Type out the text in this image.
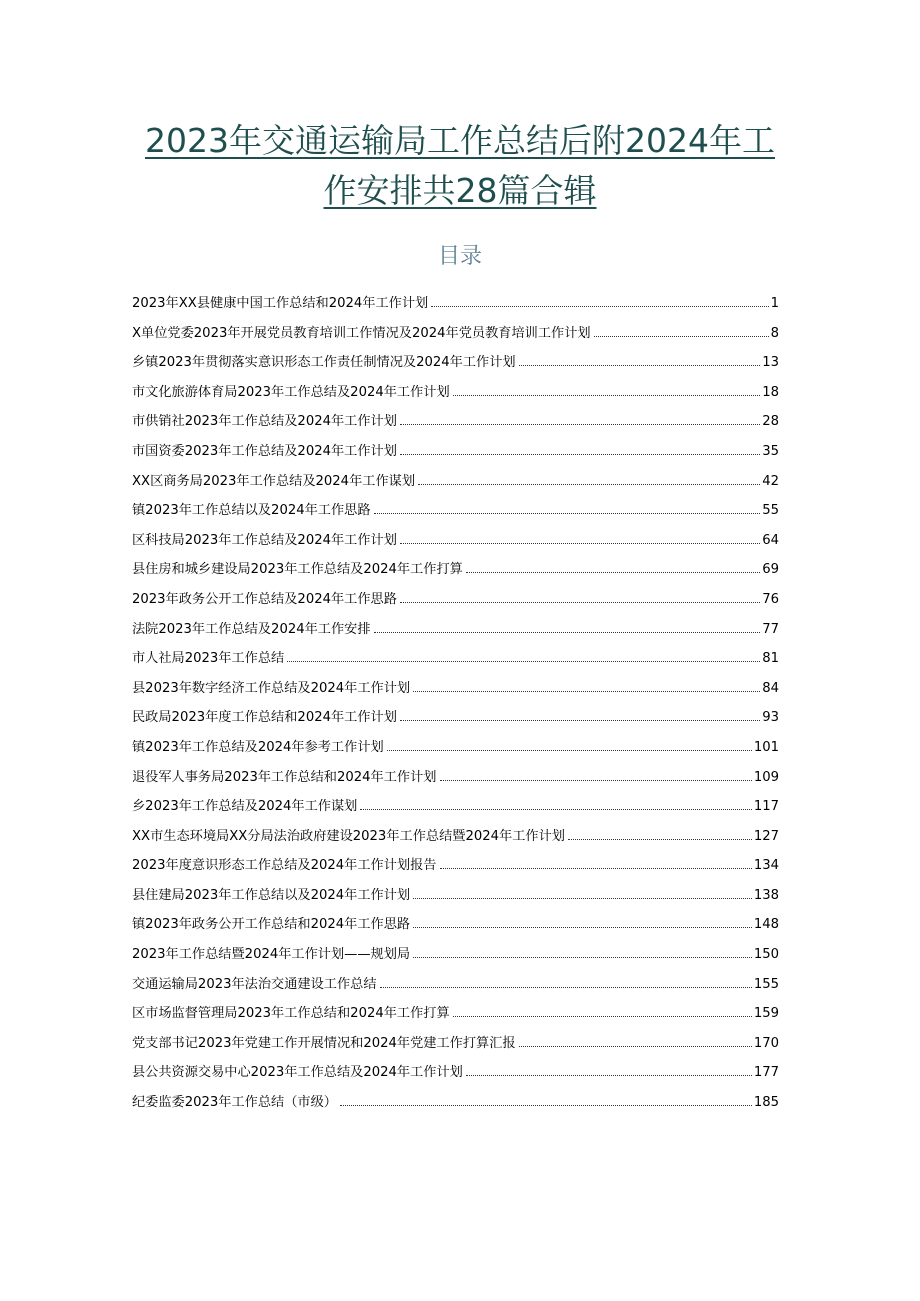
2023年交通运输局工作总结后附2024年工
作安排共28篇合辑
目录
2023年XX县健康中国工作总结和2024年工作计划	1
X单位党委2023年开展党员教育培训工作情况及2024年党员教育培训工作计划	8
乡镇2023年贯彻落实意识形态工作责任制情况及2024年工作计划	13
市文化旅游体育局2023年工作总结及2024年工作计划	18
市供销社2023年工作总结及2024年工作计划	28
市国资委2023年工作总结及2024年工作计划	35
XX区商务局2023年工作总结及2024年工作谋划	42
镇2023年工作总结以及2024年工作思路	55
区科技局2023年工作总结及2024年工作计划	64
县住房和城乡建设局2023年工作总结及2024年工作打算	69
2023年政务公开工作总结及2024年工作思路	76
法院2023年工作总结及2024年工作安排	77
市人社局2023年工作总结	81
县2023年数字经济工作总结及2024年工作计划	84
民政局2023年度工作总结和2024年工作计划	93
镇2023年工作总结及2024年参考工作计划	101
退役军人事务局2023年工作总结和2024年工作计划	109
乡2023年工作总结及2024年工作谋划	117
XX市生态环境局XX分局法治政府建设2023年工作总结暨2024年工作计划	127
2023年度意识形态工作总结及2024年工作计划报告	134
县住建局2023年工作总结以及2024年工作计划	138
镇2023年政务公开工作总结和2024年工作思路	148
2023年工作总结暨2024年工作计划——规划局	150
交通运输局2023年法治交通建设工作总结	155
区市场监督管理局2023年工作总结和2024年工作打算	159
党支部书记2023年党建工作开展情况和2024年党建工作打算汇报	170
县公共资源交易中心2023年工作总结及2024年工作计划	177
纪委监委2023年工作总结（市级）	185
